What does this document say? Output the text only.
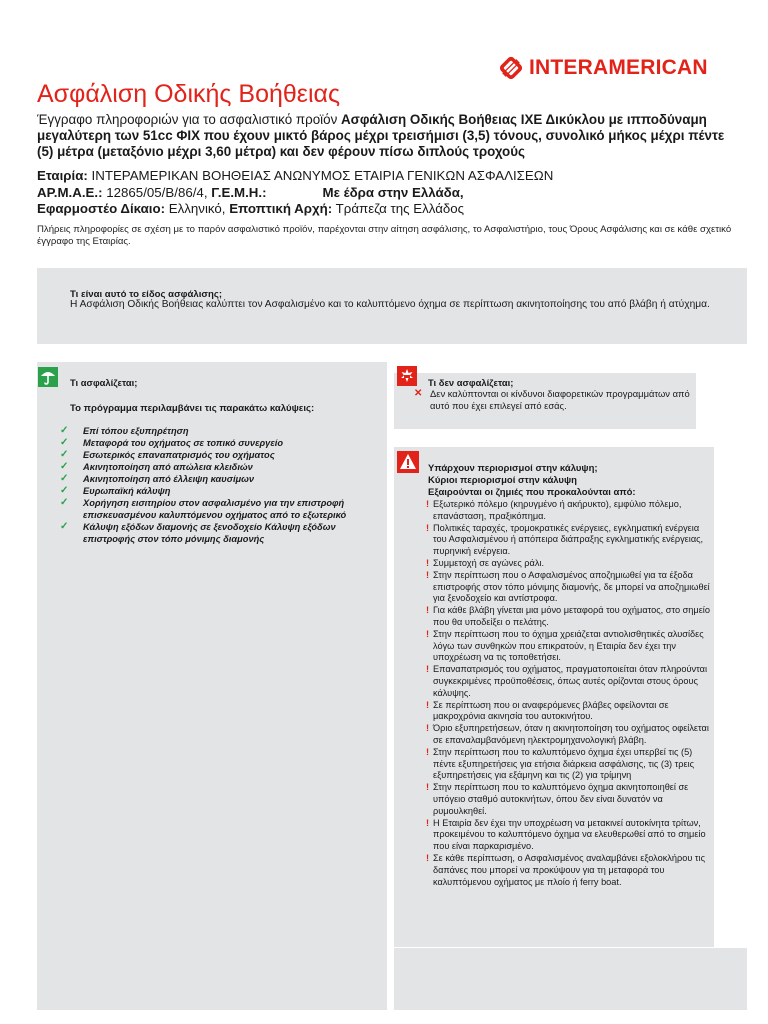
INTERAMERICAN
Ασφάλιση Οδικής Βοήθειας
Έγγραφο πληροφοριών για το ασφαλιστικό προϊόν Ασφάλιση Οδικής Βοήθειας ΙΧΕ Δικύκλου με ιπποδύναμη μεγαλύτερη των 51cc ΦΙΧ που έχουν μικτό βάρος μέχρι τρεισήμισι (3,5) τόνους, συνολικό μήκος μέχρι πέντε (5) μέτρα (μεταξόνιο μέχρι 3,60 μέτρα) και δεν φέρουν πίσω διπλούς τροχούς
Εταιρία: ΙΝΤΕΡΑΜΕΡΙΚΑΝ ΒΟΗΘΕΙΑΣ ΑΝΩΝΥΜΟΣ ΕΤΑΙΡΙΑ ΓΕΝΙΚΩΝ ΑΣΦΑΛΙΣΕΩΝ
ΑΡ.Μ.Α.Ε.: 12865/05/Β/86/4, Γ.Ε.Μ.Η.:	Με έδρα στην Ελλάδα,
Εφαρμοστέο Δίκαιο: Ελληνικό, Εποπτική Αρχή: Τράπεζα της Ελλάδος

Πλήρεις πληροφορίες σε σχέση με το παρόν ασφαλιστικό προϊόν, παρέχονται στην αίτηση ασφάλισης, το Ασφαλιστήριο, τους Όρους Ασφάλισης και σε κάθε σχετικό έγγραφο της Εταιρίας.

Τι είναι αυτό το είδος ασφάλισης;
Η Ασφάλιση Οδικής Βοήθειας καλύπτει τον Ασφαλισμένο και το καλυπτόμενο όχημα σε περίπτωση ακινητοποίησης του από βλάβη ή ατύχημα.
Τι ασφαλίζεται;
Το πρόγραμμα περιλαμβάνει τις παρακάτω καλύψεις:
✓ Επί τόπου εξυπηρέτηση
✓ Μεταφορά του οχήματος σε τοπικό συνεργείο
✓ Εσωτερικός επαναπατρισμός του οχήματος
✓ Ακινητοποίηση από απώλεια κλειδιών
✓ Ακινητοποίηση από έλλειψη καυσίμων
✓ Ευρωπαϊκή κάλυψη
✓ Χορήγηση εισιτηρίου στον ασφαλισμένο για την επιστροφή επισκευασμένου καλυπτόμενου οχήματος από το εξωτερικό
✓ Κάλυψη εξόδων διαμονής σε ξενοδοχείο Κάλυψη εξόδων επιστροφής στον τόπο μόνιμης διαμονής
Τι δεν ασφαλίζεται;
✕ Δεν καλύπτονται οι κίνδυνοι διαφορετικών προγραμμάτων από αυτό που έχει επιλεγεί από εσάς.
Υπάρχουν περιορισμοί στην κάλυψη;
Κύριοι περιορισμοί στην κάλυψη
Εξαιρούνται οι ζημιές που προκαλούνται από:
! Εξωτερικό πόλεμο (κηρυγμένο ή ακήρυκτο), εμφύλιο πόλεμο, επανάσταση, πραξικόπημα.
! Πολιτικές ταραχές, τρομοκρατικές ενέργειες, εγκληματική ενέργεια του Ασφαλισμένου ή απόπειρα διάπραξης εγκληματικής ενέργειας, πυρηνική ενέργεια.
! Συμμετοχή σε αγώνες ράλι.
! Στην περίπτωση που ο Ασφαλισμένος αποζημιωθεί για τα έξοδα επιστροφής στον τόπο μόνιμης διαμονής, δε μπορεί να αποζημιωθεί για ξενοδοχείο και αντίστροφα.
! Για κάθε βλάβη γίνεται μια μόνο μεταφορά του οχήματος, στο σημείο που θα υποδείξει ο πελάτης.
! Στην περίπτωση που το όχημα χρειάζεται αντιολισθητικές αλυσίδες λόγω των συνθηκών που επικρατούν, η Εταιρία δεν έχει την υποχρέωση να τις τοποθετήσει.
! Επαναπατρισμός του οχήματος, πραγματοποιείται όταν πληρούνται συγκεκριμένες προϋποθέσεις, όπως αυτές ορίζονται στους όρους κάλυψης.
! Σε περίπτωση που οι αναφερόμενες βλάβες οφείλονται σε μακροχρόνια ακινησία του αυτοκινήτου.
! Όριο εξυπηρετήσεων, όταν η ακινητοποίηση του οχήματος οφείλεται σε επαναλαμβανόμενη ηλεκτρομηχανολογική βλάβη.
! Στην περίπτωση που το καλυπτόμενο όχημα έχει υπερβεί τις (5) πέντε εξυπηρετήσεις για ετήσια διάρκεια ασφάλισης, τις (3) τρεις εξυπηρετήσεις για εξάμηνη και τις (2) για τρίμηνη
! Στην περίπτωση που το καλυπτόμενο όχημα ακινητοποιηθεί σε υπόγειο σταθμό αυτοκινήτων, όπου δεν είναι δυνατόν να ρυμουλκηθεί.
! Η Εταιρία δεν έχει την υποχρέωση να μετακινεί αυτοκίνητα τρίτων, προκειμένου το καλυπτόμενο όχημα να ελευθερωθεί από το σημείο που είναι παρκαρισμένο.
! Σε κάθε περίπτωση, ο Ασφαλισμένος αναλαμβάνει εξολοκλήρου τις δαπάνες που μπορεί να προκύψουν για τη μεταφορά του καλυπτόμενου οχήματος με πλοίο ή ferry boat.
